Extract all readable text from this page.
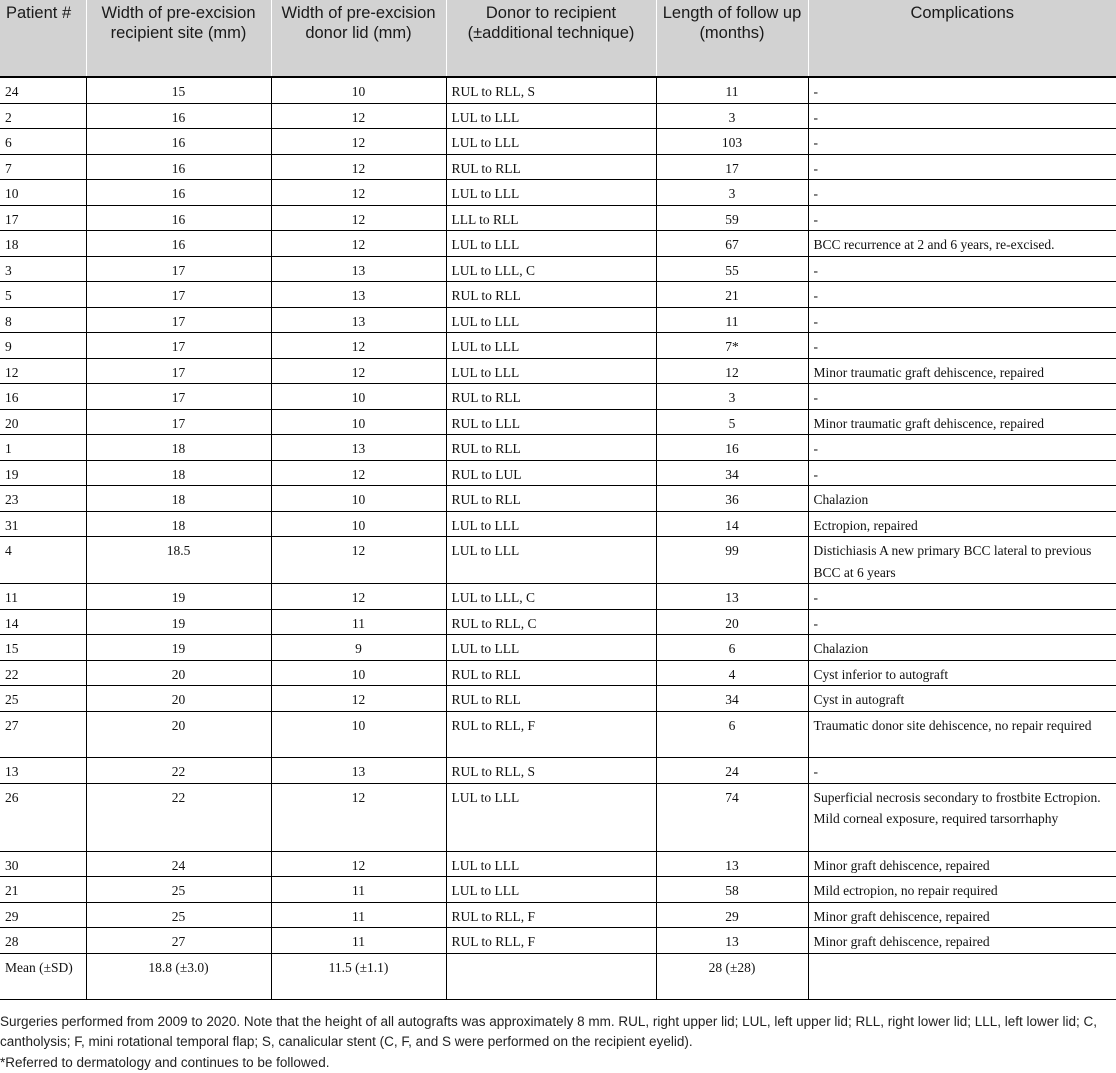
Patient #	Width of pre-excision recipient site (mm)	Width of pre-excision donor lid (mm)	Donor to recipient (±additional technique)	Length of follow up (months)	Complications
24	15	10	RUL to RLL, S	11	-
2	16	12	LUL to LLL	3	-
6	16	12	LUL to LLL	103	-
7	16	12	RUL to RLL	17	-
10	16	12	LUL to LLL	3	-
17	16	12	LLL to RLL	59	-
18	16	12	LUL to LLL	67	BCC recurrence at 2 and 6 years, re-excised.
3	17	13	LUL to LLL, C	55	-
5	17	13	RUL to RLL	21	-
8	17	13	LUL to LLL	11	-
9	17	12	LUL to LLL	7*	-
12	17	12	LUL to LLL	12	Minor traumatic graft dehiscence, repaired
16	17	10	RUL to RLL	3	-
20	17	10	RUL to LLL	5	Minor traumatic graft dehiscence, repaired
1	18	13	RUL to RLL	16	-
19	18	12	RUL to LUL	34	-
23	18	10	RUL to RLL	36	Chalazion
31	18	10	LUL to LLL	14	Ectropion, repaired
4	18.5	12	LUL to LLL	99	Distichiasis A new primary BCC lateral to previous BCC at 6 years
11	19	12	LUL to LLL, C	13	-
14	19	11	RUL to RLL, C	20	-
15	19	9	LUL to LLL	6	Chalazion
22	20	10	RUL to RLL	4	Cyst inferior to autograft
25	20	12	RUL to RLL	34	Cyst in autograft
27	20	10	RUL to RLL, F	6	Traumatic donor site dehiscence, no repair required
13	22	13	RUL to RLL, S	24	-
26	22	12	LUL to LLL	74	Superficial necrosis secondary to frostbite Ectropion. Mild corneal exposure, required tarsorrhaphy
30	24	12	LUL to LLL	13	Minor graft dehiscence, repaired
21	25	11	LUL to LLL	58	Mild ectropion, no repair required
29	25	11	RUL to RLL, F	29	Minor graft dehiscence, repaired
28	27	11	RUL to RLL, F	13	Minor graft dehiscence, repaired
Mean (±SD)	18.8 (±3.0)	11.5 (±1.1)		28 (±28)	
Surgeries performed from 2009 to 2020. Note that the height of all autografts was approximately 8 mm. RUL, right upper lid; LUL, left upper lid; RLL, right lower lid; LLL, left lower lid; C, cantholysis; F, mini rotational temporal flap; S, canalicular stent (C, F, and S were performed on the recipient eyelid).
*Referred to dermatology and continues to be followed.
